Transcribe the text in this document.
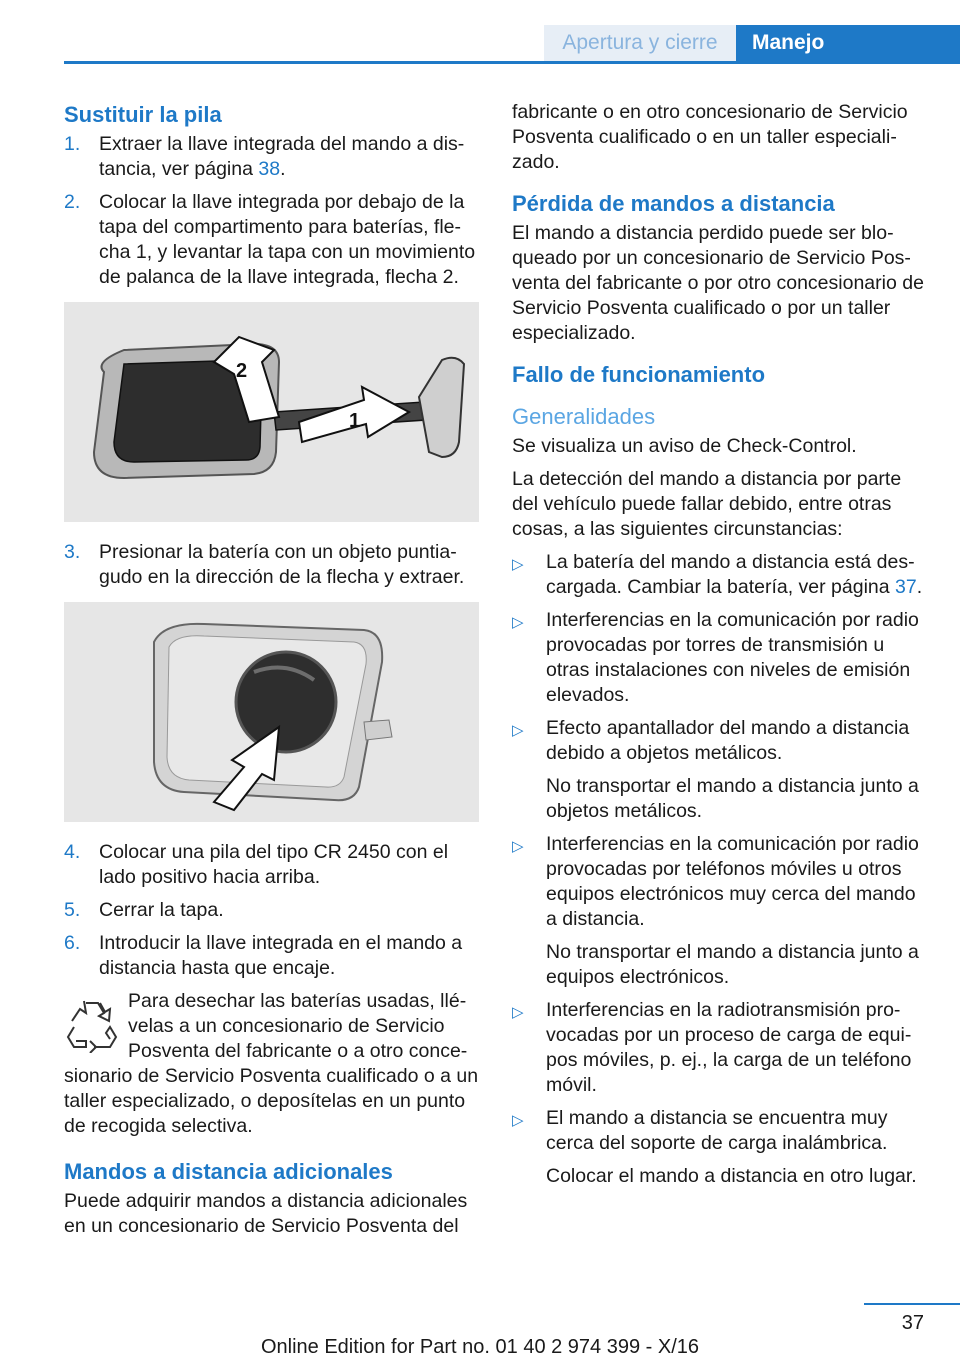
Apertura y cierre	Manejo
Sustituir la pila
1. Extraer la llave integrada del mando a dis-tancia, ver página 38.
2. Colocar la llave integrada por debajo de la tapa del compartimento para baterías, fle-cha 1, y levantar la tapa con un movimiento de palanca de la llave integrada, flecha 2.
1
2
3. Presionar la batería con un objeto puntia-gudo en la dirección de la flecha y extraer.
4. Colocar una pila del tipo CR 2450 con el lado positivo hacia arriba.
5. Cerrar la tapa.
6. Introducir la llave integrada en el mando a distancia hasta que encaje.
Para desechar las baterías usadas, llé-velas a un concesionario de Servicio Posventa del fabricante o a otro conce-

sionario de Servicio Posventa cualificado o a un taller especializado, o deposítelas en un punto de recogida selectiva.

Mandos a distancia adicionales

Puede adquirir mandos a distancia adicionales en un concesionario de Servicio Posventa del

fabricante o en otro concesionario de Servicio Posventa cualificado o en un taller especiali-zado.

Pérdida de mandos a distancia

El mando a distancia perdido puede ser blo-queado por un concesionario de Servicio Pos-venta del fabricante o por otro concesionario de Servicio Posventa cualificado o por un taller especializado.

Fallo de funcionamiento
Generalidades

Se visualiza un aviso de Check-Control.

La detección del mando a distancia por parte del vehículo puede fallar debido, entre otras cosas, a las siguientes circunstancias:

▷ La batería del mando a distancia está des-cargada. Cambiar la batería, ver página 37.
▷ Interferencias en la comunicación por radio provocadas por torres de transmisión u otras instalaciones con niveles de emisión elevados.
▷ Efecto apantallador del mando a distancia debido a objetos metálicos.
No transportar el mando a distancia junto a objetos metálicos.
▷ Interferencias en la comunicación por radio provocadas por teléfonos móviles u otros equipos electrónicos muy cerca del mando a distancia.
No transportar el mando a distancia junto a equipos electrónicos.
▷ Interferencias en la radiotransmisión pro-vocadas por un proceso de carga de equi-pos móviles, p. ej., la carga de un teléfono móvil.
▷ El mando a distancia se encuentra muy cerca del soporte de carga inalámbrica.
Colocar el mando a distancia en otro lugar.
37
Online Edition for Part no. 01 40 2 974 399 - X/16
